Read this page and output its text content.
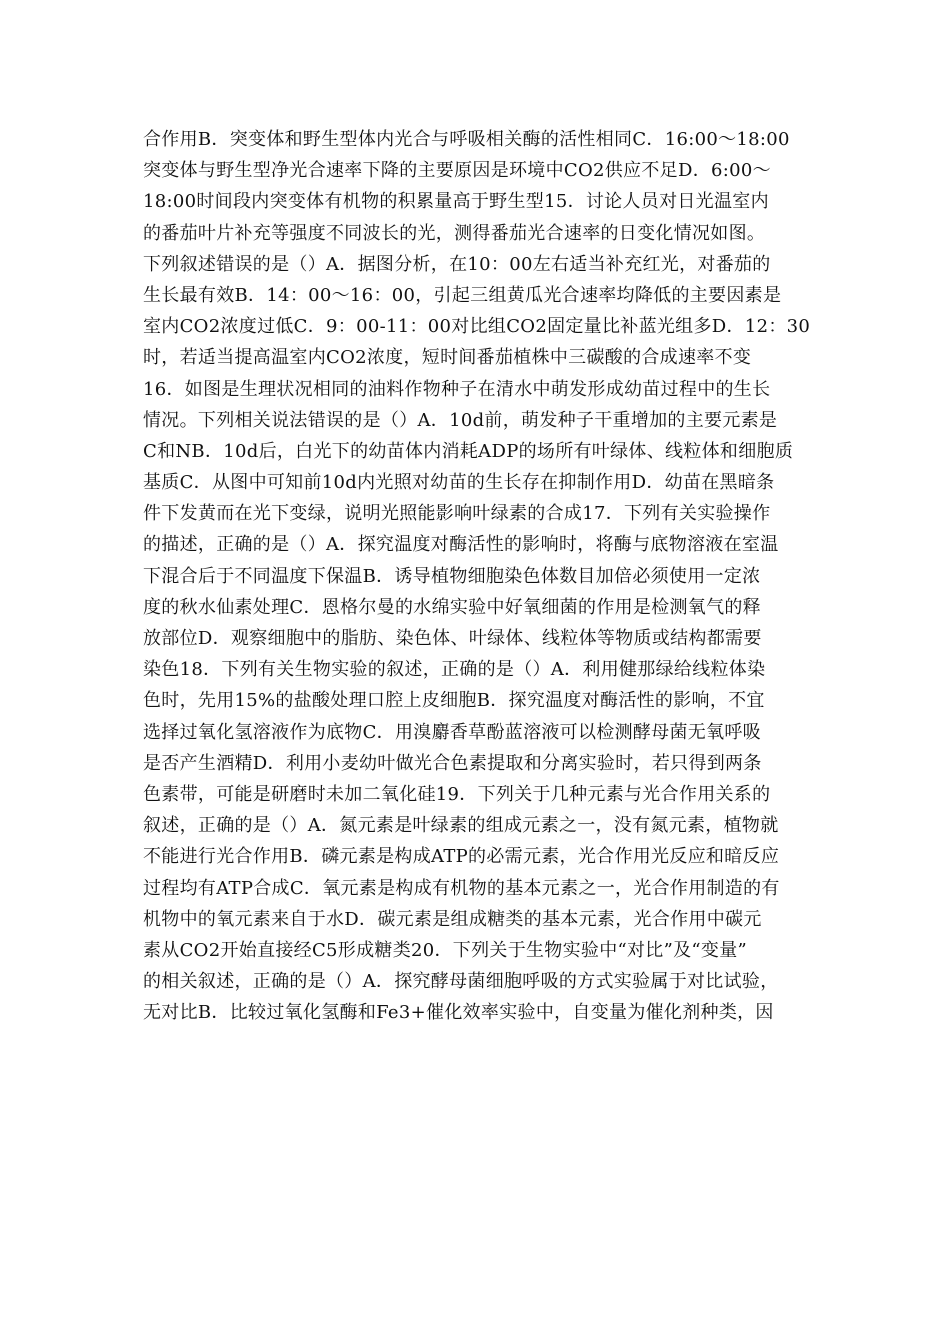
合作用B．突变体和野生型体内光合与呼吸相关酶的活性相同C．16:00～18:00
突变体与野生型净光合速率下降的主要原因是环境中CO2供应不足D．6:00～
18:00时间段内突变体有机物的积累量高于野生型15．讨论人员对日光温室内
的番茄叶片补充等强度不同波长的光，测得番茄光合速率的日变化情况如图。
下列叙述错误的是（）A．据图分析，在10：00左右适当补充红光，对番茄的
生长最有效B．14：00～16：00，引起三组黄瓜光合速率均降低的主要因素是
室内CO2浓度过低C．9：00-11：00对比组CO2固定量比补蓝光组多D．12：30
时，若适当提高温室内CO2浓度，短时间番茄植株中三碳酸的合成速率不变
16．如图是生理状况相同的油料作物种子在清水中萌发形成幼苗过程中的生长
情况。下列相关说法错误的是（）A．10d前，萌发种子干重增加的主要元素是
C和NB．10d后，白光下的幼苗体内消耗ADP的场所有叶绿体、线粒体和细胞质
基质C．从图中可知前10d内光照对幼苗的生长存在抑制作用D．幼苗在黑暗条
件下发黄而在光下变绿，说明光照能影响叶绿素的合成17．下列有关实验操作
的描述，正确的是（）A．探究温度对酶活性的影响时，将酶与底物溶液在室温
下混合后于不同温度下保温B．诱导植物细胞染色体数目加倍必须使用一定浓
度的秋水仙素处理C．恩格尔曼的水绵实验中好氧细菌的作用是检测氧气的释
放部位D．观察细胞中的脂肪、染色体、叶绿体、线粒体等物质或结构都需要
染色18．下列有关生物实验的叙述，正确的是（）A．利用健那绿给线粒体染
色时，先用15%的盐酸处理口腔上皮细胞B．探究温度对酶活性的影响，不宜
选择过氧化氢溶液作为底物C．用溴麝香草酚蓝溶液可以检测酵母菌无氧呼吸
是否产生酒精D．利用小麦幼叶做光合色素提取和分离实验时，若只得到两条
色素带，可能是研磨时未加二氧化硅19．下列关于几种元素与光合作用关系的
叙述，正确的是（）A．氮元素是叶绿素的组成元素之一，没有氮元素，植物就
不能进行光合作用B．磷元素是构成ATP的必需元素，光合作用光反应和暗反应
过程均有ATP合成C．氧元素是构成有机物的基本元素之一，光合作用制造的有
机物中的氧元素来自于水D．碳元素是组成糖类的基本元素，光合作用中碳元
素从CO2开始直接经C5形成糖类20．下列关于生物实验中“对比”及“变量”
的相关叙述，正确的是（）A．探究酵母菌细胞呼吸的方式实验属于对比试验，
无对比B．比较过氧化氢酶和Fe3+催化效率实验中，自变量为催化剂种类，因
